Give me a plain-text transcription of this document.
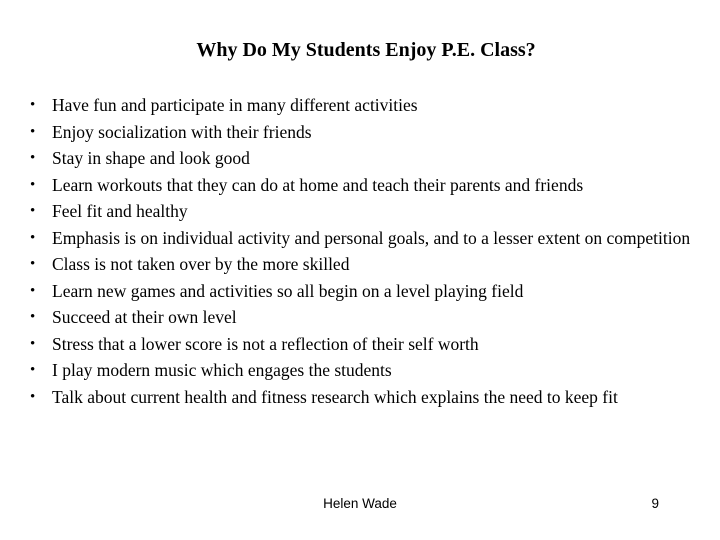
Why Do My Students Enjoy P.E. Class?
• Have fun and participate in many different activities
• Enjoy socialization with their friends
• Stay in shape and look good
• Learn workouts that they can do at home and teach their parents and friends
• Feel fit and healthy
• Emphasis is on individual activity and personal goals, and to a lesser extent on competition
• Class is not taken over by the more skilled
• Learn new games and activities so all begin on a level playing field
• Succeed at their own level
• Stress that a lower score is not a reflection of their self worth
• I play modern music which engages the students
• Talk about current health and fitness research which explains the need to keep fit
Helen Wade	9
